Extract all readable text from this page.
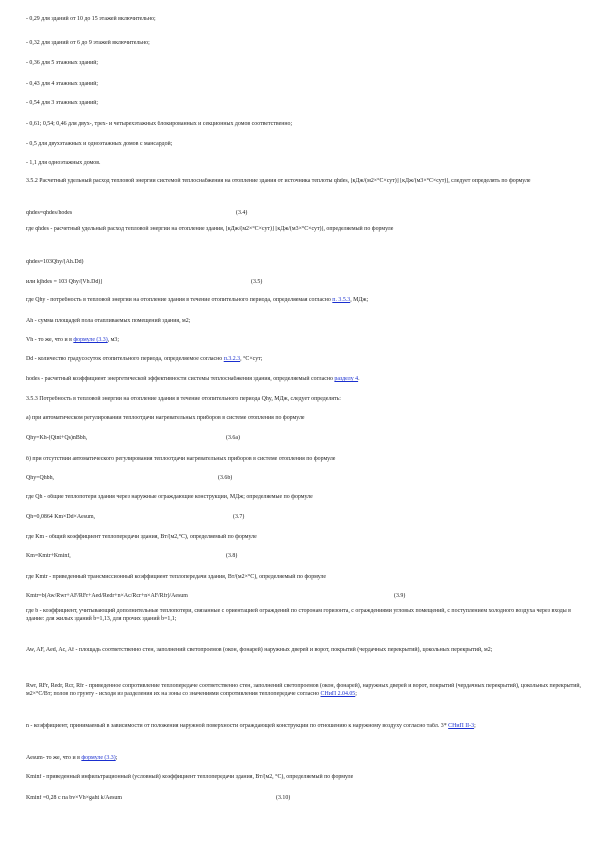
- 0,29 для зданий от 10 до 15 этажей включительно;
- 0,32 для зданий от 6 до 9 этажей включительно;
- 0,36 для 5 этажных зданий;
- 0,43 для 4 этажных зданий;
- 0,54 для 3 этажных зданий;
- 0,61; 0,54; 0,46 для двух-, трех- и четырехэтажных блокированных и секционных домов соответственно;
- 0,5 для двухэтажных и одноэтажных домов с мансардой;
- 1,1 для одноэтажных домов.
3.5.2 Расчетный удельный расход тепловой энергии системой теплоснабжения на отопление здания от источника теплоты qhdes, [кДж/(м2×°С×сут)] [кДж/(м3×°С×сут)], следует определять по формуле
qhdes=qhdes/hodes	(3.4)
где qhdes - расчетный удельный расход тепловой энергии на отопление здания, [кДж/(м2×°С×сут)] [кДж/(м3×°С×сут)], определяемый по формуле
qhdes=103Qhy/(Ah.Dd)
или kjhdes = 103 Qhy/(Vh.Dd)]	(3.5)
где Qhy - потребность в тепловой энергии на отопление здания в течение отопительного периода, определяемая согласно п. 3.5.3, МДж;
Ah - сумма площадей пола отапливаемых помещений здания, м2;
Vh - то же, что и в формуле (3.3), м3;
Dd - количество градусосуток отопительного периода, определяемое согласно п.3.2.3, °С×сут;
hodes - расчетный коэффициент энергетической эффективности системы теплоснабжения здания, определяемый согласно разделу 4.
3.5.3 Потребность в тепловой энергии на отопление здания в течение отопительного периода Qhy, МДж, следует определять:
а) при автоматическом регулировании теплоотдачи нагревательных приборов в системе отопления по формуле
Qhy=Kh-(Qint+Qs)nBbh,	(3.6а)
б) при отсутствии автоматического регулирования теплоотдачи нагревательных приборов в системе отопления по формуле
Qhy=Qhbh,	(3.6b)
где Qh - общие теплопотери здания через наружные ограждающие конструкции, МДж; определяемые по формуле
Qh=0,0864 Km×Dd×Aesum,	(3.7)
где Km - общий коэффициент теплопередачи здания, Вт/(м2,°С), определяемый по формуле
Km=Kmtr+Kminf,	(3.8)
где Kmtr - приведенный трансмиссионный коэффициент теплопередачи здания, Вт/(м2×°С), определяемый по формуле
Kmtr=b(Aw/Rwr+AF/RFr+Aed/Redr+n×Ac/Rcr+n×AF/Rfr)/Aesum	(3.9)
где b - коэффициент, учитывающий дополнительные теплопотери, связанные с ориентацией ограждений по сторонам горизонта, с ограждениями угловых помещений, с поступлением холодного воздуха через входы в здание: для жилых зданий b=1,13, для прочих зданий b=1,1;
Aw, AF, Aed, Ac, Af - площадь соответственно стен, заполнений светопроемов (окон, фонарей) наружных дверей и ворот, покрытий (чердачных перекрытий), цокольных перекрытий, м2;
Rwr, RFr, Redr, Rcr, Rfr - приведенное сопротивление теплопередаче соответственно стен, заполнений светопроемов (окон, фонарей), наружных дверей и ворот, покрытий (чердачных перекрытий), цокольных перекрытий, м2×°С/Вт; полов по грунту - исходя из разделения их на зоны со значениями сопротивления теплопередаче согласно СНиП 2.04.05;
n - коэффициент, принимаемый в зависимости от положения наружной поверхности ограждающей конструкции по отношению к наружному воздуху согласно табл. 3* СНиП II-3;
Aesum- то же, что и в формуле (3.3);
Kminf - приведенный инфильтрационный (условный) коэффициент теплопередачи здания, Вт/(м2, °С), определяемый по формуле
Kminf =0,28 с па bv×Vh×gaht k/Aesum	(3.10)
